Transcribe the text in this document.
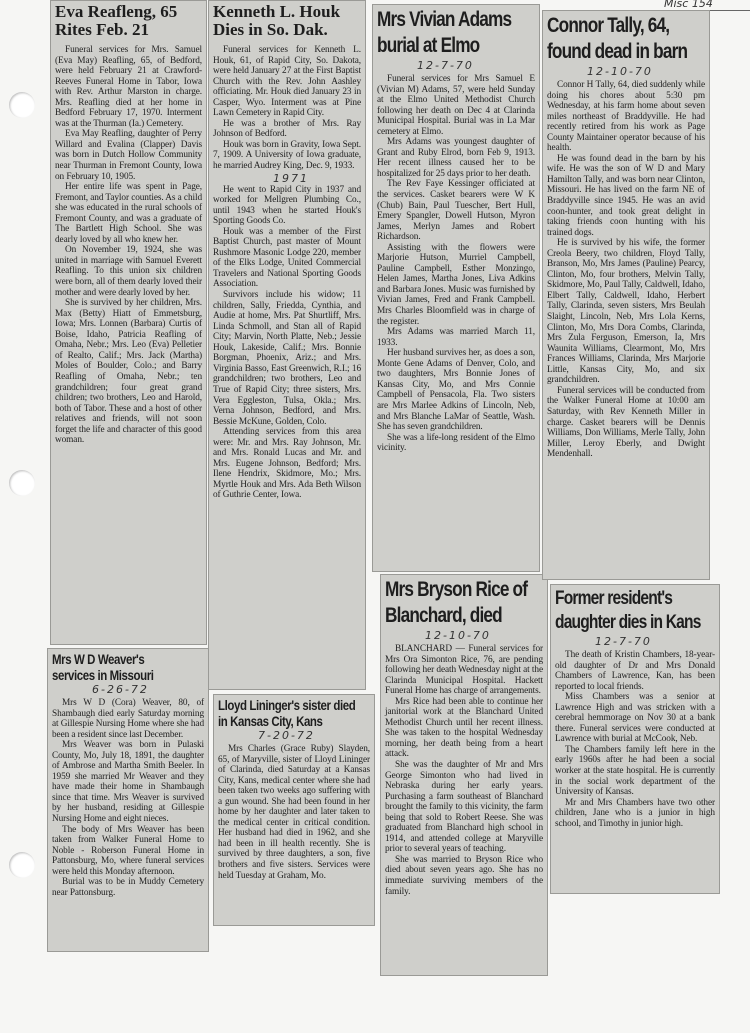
Misc 154
Eva Reafleng, 65 Rites Feb. 21

Funeral services for Mrs. Samuel (Eva May) Reafling, 65, of Bedford, were held February 21 at Crawford-Reeves Funeral Home in Tabor, Iowa with Rev. Arthur Marston in charge. Mrs. Reafling died at her home in Bedford February 17, 1970. Interment was at the Thurman (Ia.) Cemetery.

Eva May Reafling, daughter of Perry Willard and Evalina (Clapper) Davis was born in Dutch Hollow Community near Thurman in Fremont County, Iowa on February 10, 1905.

Her entire life was spent in Page, Fremont, and Taylor counties. As a child she was educated in the rural schools of Fremont County, and was a graduate of The Bartlett High School. She was dearly loved by all who knew her.

On November 19, 1924, she was united in marriage with Samuel Everett Reafling. To this union six children were born, all of them dearly loved their mother and were dearly loved by her.

She is survived by her children, Mrs. Max (Betty) Hiatt of Emmetsburg, Iowa; Mrs. Lonnen (Barbara) Curtis of Boise, Idaho, Patricia Reafling of Omaha, Nebr.; Mrs. Leo (Eva) Pelletier of Realto, Calif.; Mrs. Jack (Martha) Moles of Boulder, Colo.; and Barry Reafling of Omaha, Nebr.; ten grandchildren; four great grand children; two brothers, Leo and Harold, both of Tabor. These and a host of other relatives and friends, will not soon forget the life and character of this good woman.

Mrs W D Weaver's services in Missouri
6-26-72

Mrs W D (Cora) Weaver, 80, of Shambaugh died early Saturday morning at Gillespie Nursing Home where she had been a resident since last December.

Mrs Weaver was born in Pulaski County, Mo, July 18, 1891, the daughter of Ambrose and Martha Smith Beeler. In 1959 she married Mr Weaver and they have made their home in Shambaugh since that time. Mrs Weaver is survived by her husband, residing at Gillespie Nursing Home and eight nieces.

The body of Mrs Weaver has been taken from Walker Funeral Home to Noble - Roberson Funeral Home in Pattonsburg, Mo, where funeral services were held this Monday afternoon.

Burial was to be in Muddy Cemetery near Pattonsburg.

Kenneth L. Houk Dies in So. Dak.

Funeral services for Kenneth L. Houk, 61, of Rapid City, So. Dakota, were held January 27 at the First Baptist Church with the Rev. John Aashley officiating. Mr. Houk died January 23 in Casper, Wyo. Interment was at Pine Lawn Cemetery in Rapid City.

He was a brother of Mrs. Ray Johnson of Bedford.

Houk was born in Gravity, Iowa Sept. 7, 1909. A University of Iowa graduate, he married Audrey King, Dec. 9, 1933.

1971

He went to Rapid City in 1937 and worked for Mellgren Plumbing Co., until 1943 when he started Houk's Sporting Goods Co.

Houk was a member of the First Baptist Church, past master of Mount Rushmore Masonic Lodge 220, member of the Elks Lodge, United Commercial Travelers and National Sporting Goods Association.

Survivors include his widow; 11 children, Sally, Friedda, Cynthia, and Audie at home, Mrs. Pat Shurtliff, Mrs. Linda Schmoll, and Stan all of Rapid City; Marvin, North Platte, Neb.; Jessie Houk, Lakeside, Calif.; Mrs. Bonnie Borgman, Phoenix, Ariz.; and Mrs. Virginia Basso, East Greenwich, R.I.; 16 grandchildren; two brothers, Leo and True of Rapid City; three sisters, Mrs. Vera Eggleston, Tulsa, Okla.; Mrs. Verna Johnson, Bedford, and Mrs. Bessie McKune, Golden, Colo.

Attending services from this area were: Mr. and Mrs. Ray Johnson, Mr. and Mrs. Ronald Lucas and Mr. and Mrs. Eugene Johnson, Bedford; Mrs. Ilene Hendrix, Skidmore, Mo.; Mrs. Myrtle Houk and Mrs. Ada Beth Wilson of Guthrie Center, Iowa.

Lloyd Lininger's sister died in Kansas City, Kans
7-20-72

Mrs Charles (Grace Ruby) Slayden, 65, of Maryville, sister of Lloyd Lininger of Clarinda, died Saturday at a Kansas City, Kans, medical center where she had been taken two weeks ago suffering with a gun wound. She had been found in her home by her daughter and later taken to the medical center in critical condition. Her husband had died in 1962, and she had been in ill health recently. She is survived by three daughters, a son, five brothers and five sisters. Services were held Tuesday at Graham, Mo.

Mrs Vivian Adams burial at Elmo
12-7-70

Funeral services for Mrs Samuel E (Vivian M) Adams, 57, were held Sunday at the Elmo United Methodist Church following her death on Dec 4 at Clarinda Municipal Hospital. Burial was in La Mar cemetery at Elmo.

Mrs Adams was youngest daughter of Grant and Ruby Elrod, born Feb 9, 1913. Her recent illness caused her to be hospitalized for 25 days prior to her death.

The Rev Faye Kessinger officiated at the services. Casket bearers were W K (Chub) Bain, Paul Tuescher, Bert Hull, Emery Spangler, Dowell Hutson, Myron James, Merlyn James and Robert Richardson.

Assisting with the flowers were Marjorie Hutson, Murriel Campbell, Pauline Campbell, Esther Monzingo, Helen James, Martha Jones, Liva Adkins and Barbara Jones. Music was furnished by Vivian James, Fred and Frank Campbell. Mrs Charles Bloomfield was in charge of the register.

Mrs Adams was married March 11, 1933.

Her husband survives her, as does a son, Monte Gene Adams of Denver, Colo, and two daughters, Mrs Bonnie Jones of Kansas City, Mo, and Mrs Connie Campbell of Pensacola, Fla. Two sisters are Mrs Marlee Adkins of Lincoln, Neb, and Mrs Blanche LaMar of Seattle, Wash. She has seven grandchildren.

She was a life-long resident of the Elmo vicinity.

Mrs Bryson Rice of Blanchard, died
12-10-70

BLANCHARD — Funeral services for Mrs Ora Simonton Rice, 76, are pending following her death Wednesday night at the Clarinda Municipal Hospital. Hackett Funeral Home has charge of arrangements.

Mrs Rice had been able to continue her janitorial work at the Blanchard United Methodist Church until her recent illness. She was taken to the hospital Wednesday morning, her death being from a heart attack.

She was the daughter of Mr and Mrs George Simonton who had lived in Nebraska during her early years. Purchasing a farm southeast of Blanchard brought the family to this vicinity, the farm being that sold to Robert Reese. She was graduated from Blanchard high school in 1914, and attended college at Maryville prior to several years of teaching.

She was married to Bryson Rice who died about seven years ago. She has no immediate surviving members of the family.

Connor Tally, 64, found dead in barn
12-10-70

Connor H Tally, 64, died suddenly while doing his chores about 5:30 pm Wednesday, at his farm home about seven miles northeast of Braddyville. He had recently retired from his work as Page County Maintainer operator because of his health.

He was found dead in the barn by his wife. He was the son of W D and Mary Hamilton Tally, and was born near Clinton, Missouri. He has lived on the farm NE of Braddyville since 1945. He was an avid coon-hunter, and took great delight in taking friends coon hunting with his trained dogs.

He is survived by his wife, the former Creola Beery, two children, Floyd Tally, Branson, Mo, Mrs James (Pauline) Pearcy, Clinton, Mo, four brothers, Melvin Tally, Skidmore, Mo, Paul Tally, Caldwell, Idaho, Elbert Tally, Caldwell, Idaho, Herbert Tally, Clarinda, seven sisters, Mrs Beulah Slaight, Lincoln, Neb, Mrs Lola Kerns, Clinton, Mo, Mrs Dora Combs, Clarinda, Mrs Zula Ferguson, Emerson, Ia, Mrs Waunita Williams, Clearmont, Mo, Mrs Frances Williams, Clarinda, Mrs Marjorie Little, Kansas City, Mo, and six grandchildren.

Funeral services will be conducted from the Walker Funeral Home at 10:00 am Saturday, with Rev Kenneth Miller in charge. Casket bearers will be Dennis Williams, Don Williams, Merle Tally, John Miller, Leroy Eberly, and Dwight Mendenhall.

Former resident's daughter dies in Kans
12-7-70

The death of Kristin Chambers, 18-year-old daughter of Dr and Mrs Donald Chambers of Lawrence, Kan, has been reported to local friends.

Miss Chambers was a senior at Lawrence High and was stricken with a cerebral hemmorage on Nov 30 at a bank there. Funeral services were conducted at Lawrence with burial at McCook, Neb.

The Chambers family left here in the early 1960s after he had been a social worker at the state hospital. He is currently in the social work department of the University of Kansas.

Mr and Mrs Chambers have two other children, Jane who is a junior in high school, and Timothy in junior high.
